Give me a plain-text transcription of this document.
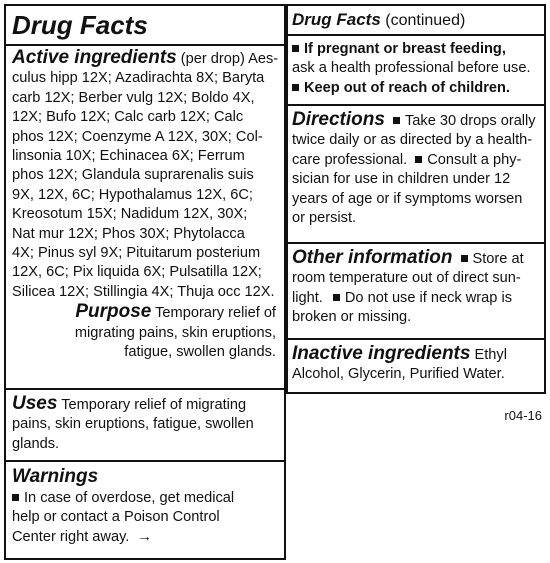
Drug Facts
Active ingredients (per drop) Aes-
culus hipp 12X; Azadirachta 8X; Baryta
carb 12X; Berber vulg 12X; Boldo 4X,
12X; Bufo 12X; Calc carb 12X; Calc
phos 12X; Coenzyme A 12X, 30X; Col-
linsonia 10X; Echinacea 6X; Ferrum
phos 12X; Glandula suprarenalis suis
9X, 12X, 6C; Hypothalamus 12X, 6C;
Kreosotum 15X; Nadidum 12X, 30X;
Nat mur 12X; Phos 30X; Phytolacca
4X; Pinus syl 9X; Pituitarum posterium
12X, 6C; Pix liquida 6X; Pulsatilla 12X;
Silicea 12X; Stillingia 4X; Thuja occ 12X.
Purpose Temporary relief of
migrating pains, skin eruptions,
fatigue, swollen glands.
Uses Temporary relief of migrating
pains, skin eruptions, fatigue, swollen
glands.
Warnings
In case of overdose, get medical
help or contact a Poison Control
Center right away. →
Drug Facts (continued)
If pregnant or breast feeding,
ask a health professional before use.
Keep out of reach of children.
Directions Take 30 drops orally
twice daily or as directed by a health-
care professional. Consult a phy-
sician for use in children under 12
years of age or if symptoms worsen
or persist.
Other information Store at
room temperature out of direct sun-
light. Do not use if neck wrap is
broken or missing.
Inactive ingredients Ethyl
Alcohol, Glycerin, Purified Water.
r04-16
